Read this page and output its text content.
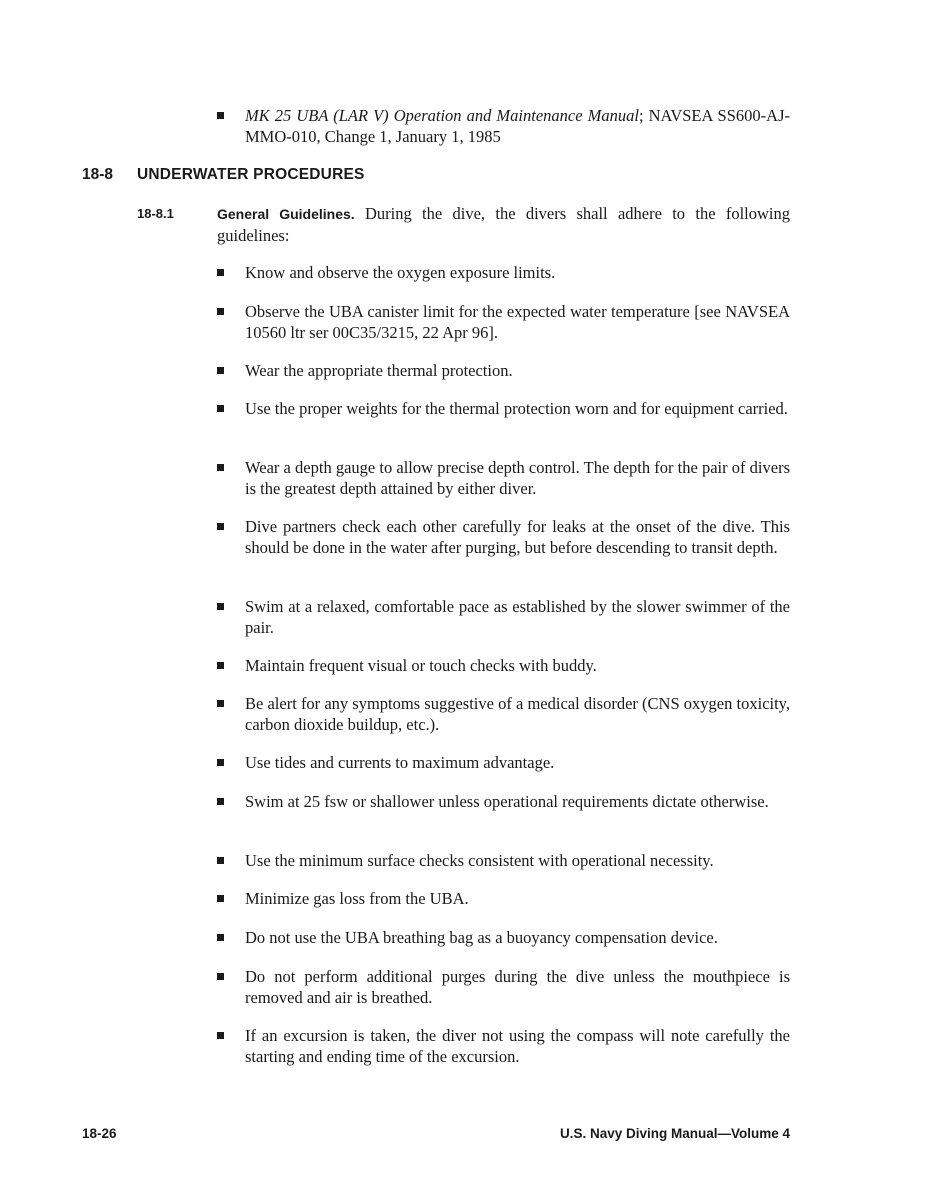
MK 25 UBA (LAR V) Operation and Maintenance Manual; NAVSEA SS600-AJ-MMO-010, Change 1, January 1, 1985
18-8 UNDERWATER PROCEDURES
18-8.1	General Guidelines. During the dive, the divers shall adhere to the following guidelines:
Know and observe the oxygen exposure limits.
Observe the UBA canister limit for the expected water temperature [see NAVSEA 10560 ltr ser 00C35/3215, 22 Apr 96].
Wear the appropriate thermal protection.
Use the proper weights for the thermal protection worn and for equipment carried.
Wear a depth gauge to allow precise depth control. The depth for the pair of divers is the greatest depth attained by either diver.
Dive partners check each other carefully for leaks at the onset of the dive. This should be done in the water after purging, but before descending to transit depth.
Swim at a relaxed, comfortable pace as established by the slower swimmer of the pair.
Maintain frequent visual or touch checks with buddy.
Be alert for any symptoms suggestive of a medical disorder (CNS oxygen toxicity, carbon dioxide buildup, etc.).
Use tides and currents to maximum advantage.
Swim at 25 fsw or shallower unless operational requirements dictate otherwise.
Use the minimum surface checks consistent with operational necessity.
Minimize gas loss from the UBA.
Do not use the UBA breathing bag as a buoyancy compensation device.
Do not perform additional purges during the dive unless the mouthpiece is removed and air is breathed.
If an excursion is taken, the diver not using the compass will note carefully the starting and ending time of the excursion.
18-26	U.S. Navy Diving Manual—Volume 4
